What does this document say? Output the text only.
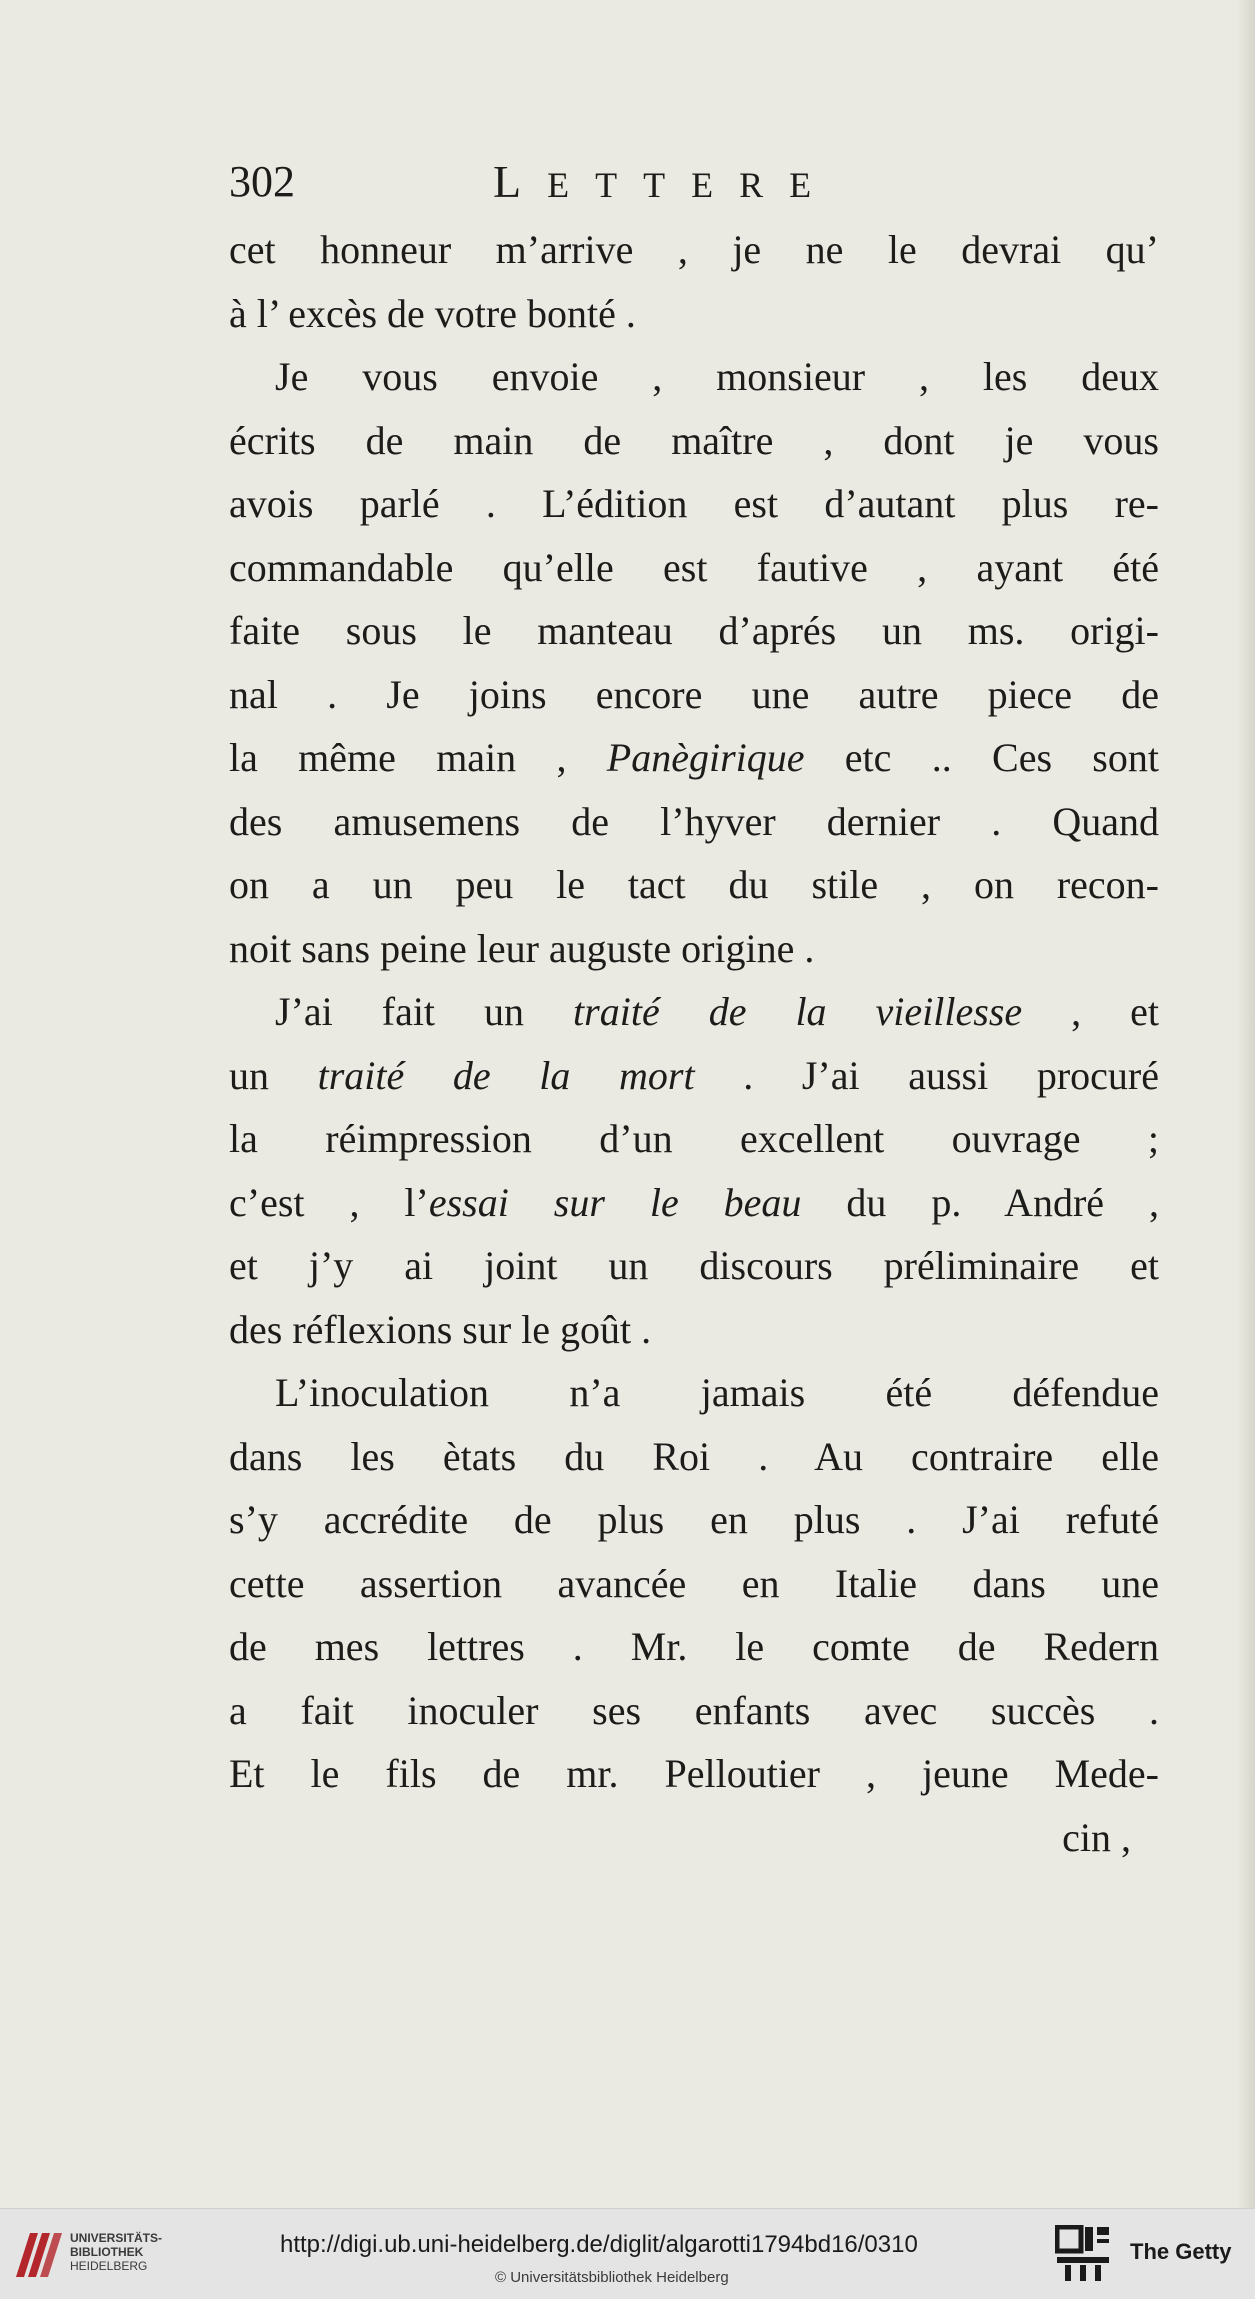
302	LETTERE
cet honneur m’arrive , je ne le devrai qu’
à l’ excès de votre bonté .
Je vous envoie , monsieur , les deux
écrits de main de maître , dont je vous
avois parlé . L’édition est d’autant plus re-
commandable qu’elle est fautive , ayant été
faite sous le manteau d’aprés un ms. origi-
nal . Je joins encore une autre piece de
la même main , Panègirique etc .. Ces sont
des amusemens de l’hyver dernier . Quand
on a un peu le tact du stile , on recon-
noit sans peine leur auguste origine .
J’ai fait un traité de la vieillesse , et
un traité de la mort . J’ai aussi procuré
la réimpression d’un excellent ouvrage ;
c’est , l’essai sur le beau du p. André ,
et j’y ai joint un discours préliminaire et
des réflexions sur le goût .
L’inoculation n’a jamais été défendue
dans les ètats du Roi . Au contraire elle
s’y accrédite de plus en plus . J’ai refuté
cette assertion avancée en Italie dans une
de mes lettres . Mr. le comte de Redern
a fait inoculer ses enfants avec succès .
Et le fils de mr. Pelloutier , jeune Mede-
cin ,
UNIVERSITÄTS-
BIBLIOTHEK
HEIDELBERG
http://digi.ub.uni-heidelberg.de/diglit/algarotti1794bd16/0310
© Universitätsbibliothek Heidelberg
The Getty
